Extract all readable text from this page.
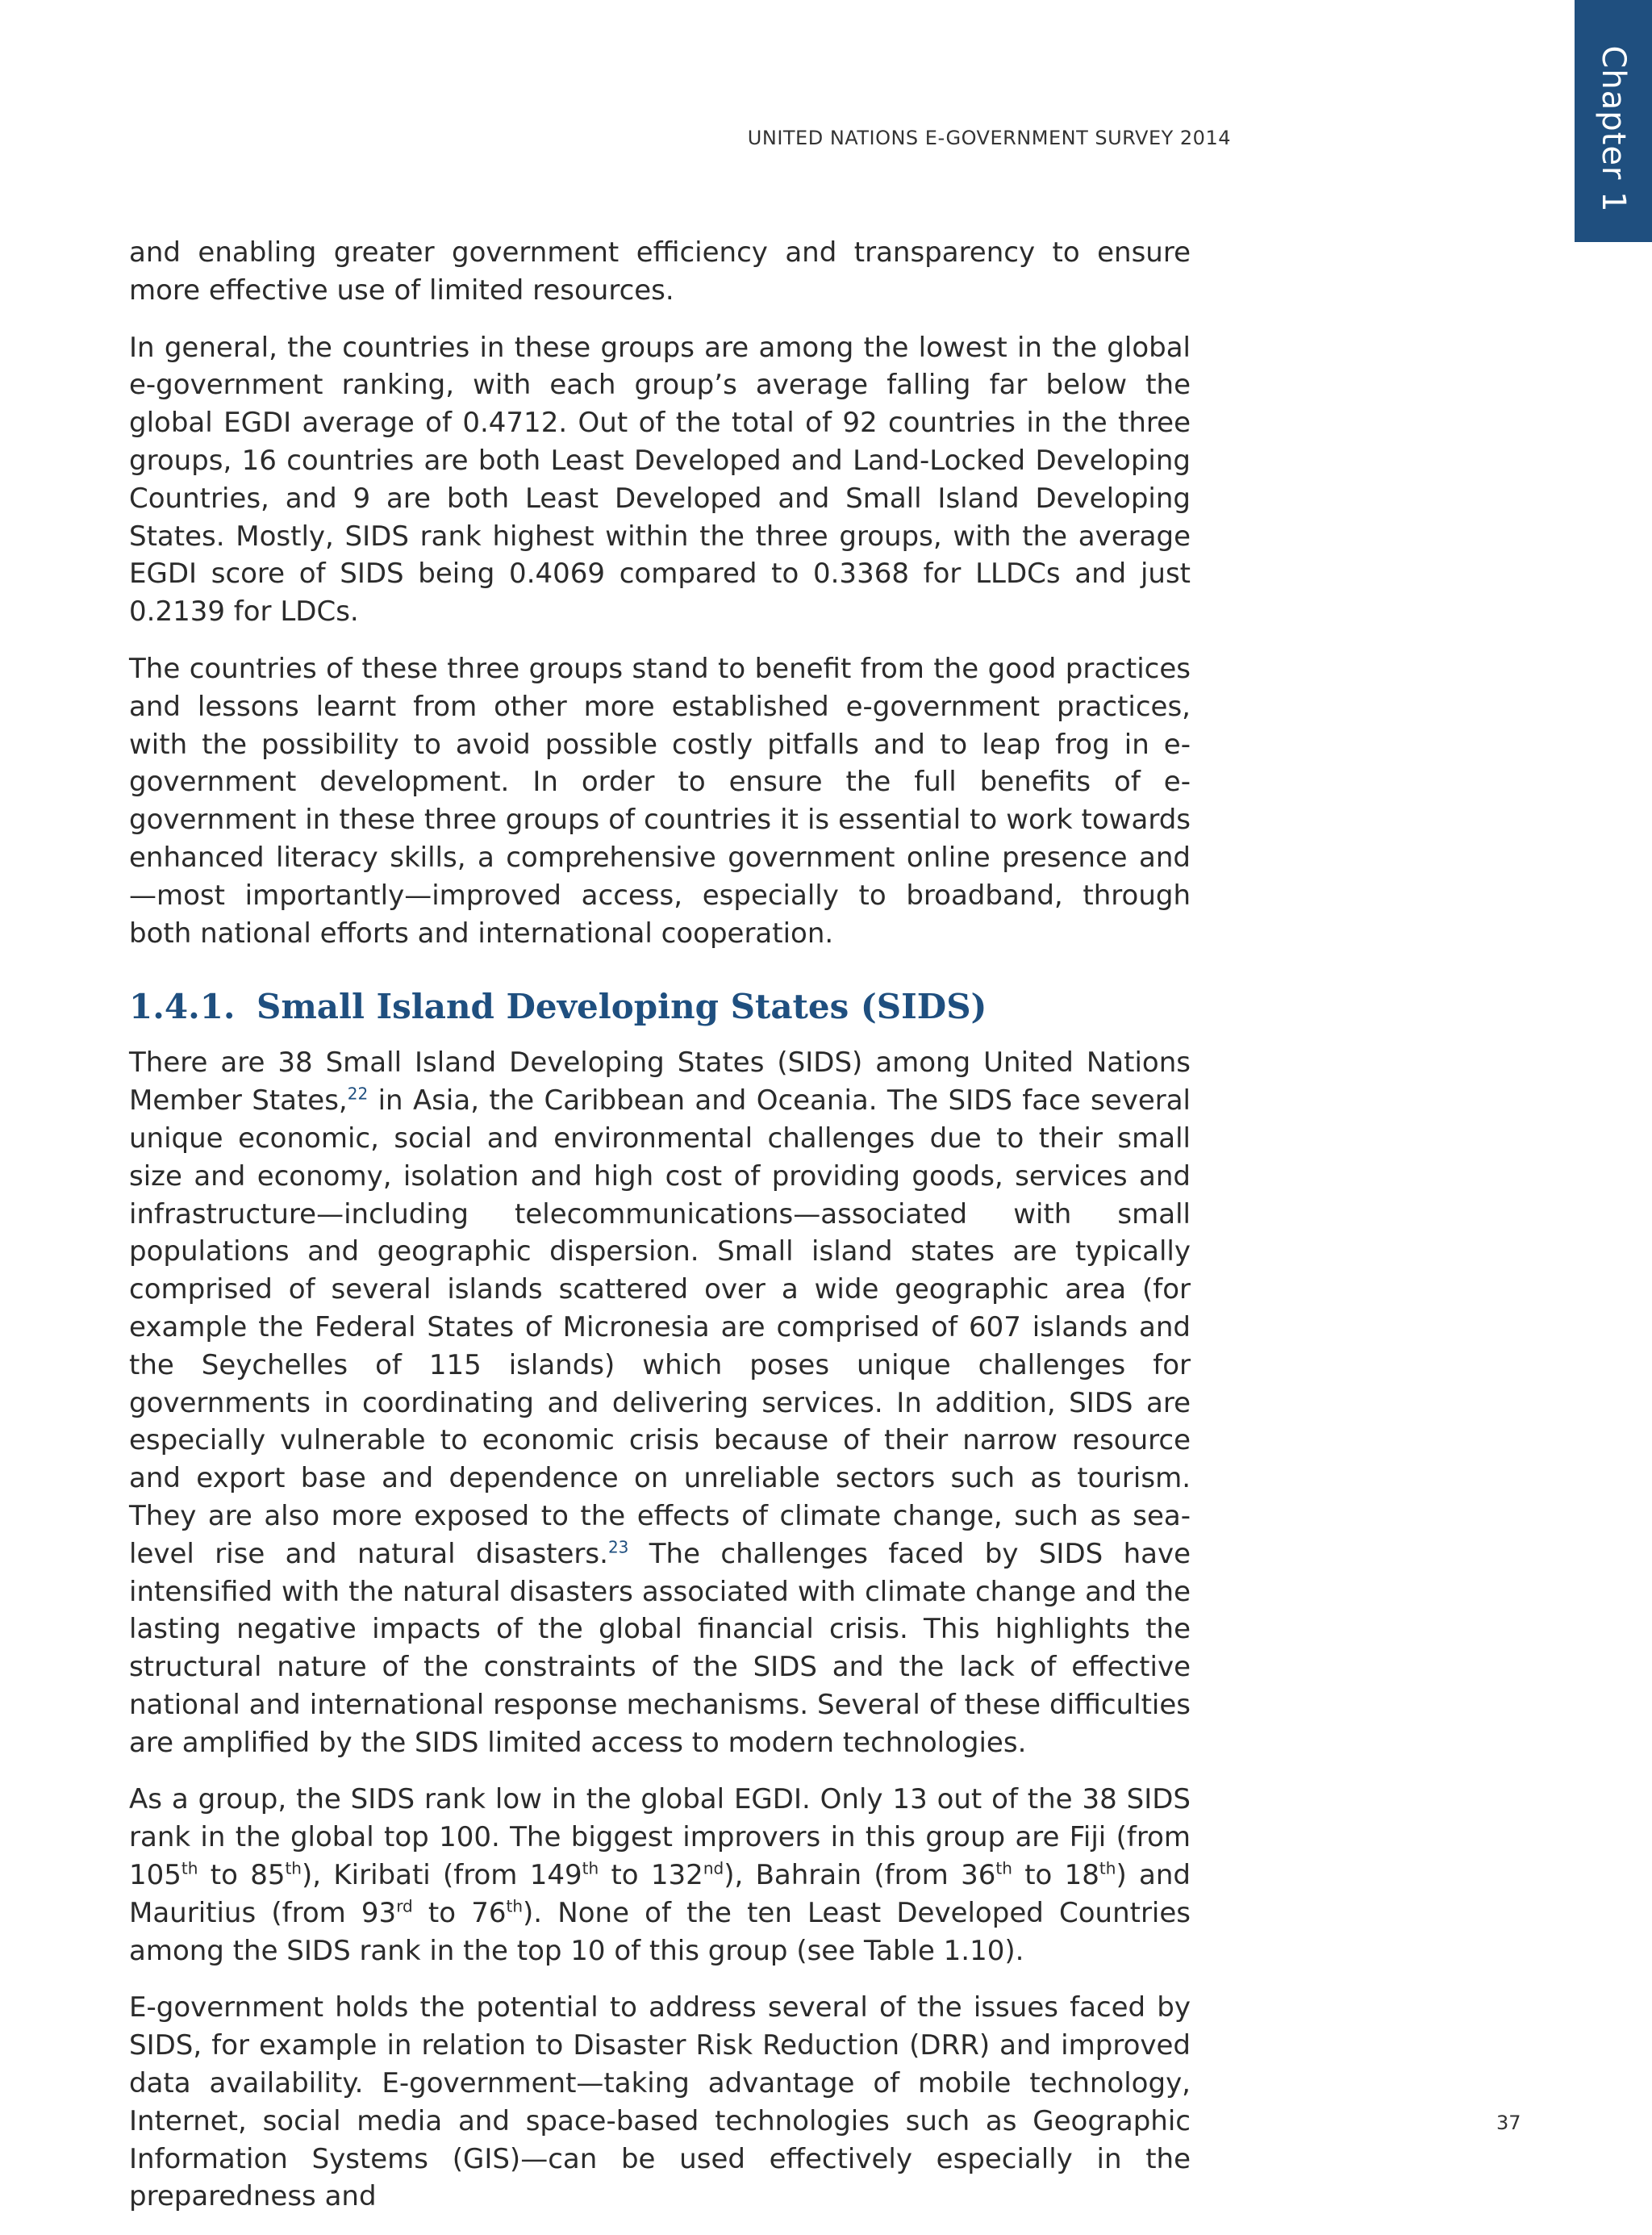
UNITED NATIONS E-GOVERNMENT SURVEY 2014	Chapter 1

and enabling greater government efficiency and transparency to ensure more effective use of limited resources.

In general, the countries in these groups are among the lowest in the global e-government ranking, with each group’s average falling far below the global EGDI average of 0.4712. Out of the total of 92 countries in the three groups, 16 countries are both Least Developed and Land-Locked Developing Countries, and 9 are both Least Developed and Small Island Developing States. Mostly, SIDS rank highest within the three groups, with the average EGDI score of SIDS being 0.4069 compared to 0.3368 for LLDCs and just 0.2139 for LDCs.

The countries of these three groups stand to benefit from the good practices and lessons learnt from other more established e-government practices, with the possibility to avoid possible costly pitfalls and to leap frog in e-government development. In order to ensure the full benefits of e-government in these three groups of countries it is essential to work towards enhanced literacy skills, a comprehensive government online presence and—most importantly—improved access, especially to broadband, through both national efforts and international cooperation.

1.4.1. Small Island Developing States (SIDS)

There are 38 Small Island Developing States (SIDS) among United Nations Member States,$^{22}$ in Asia, the Caribbean and Oceania. The SIDS face several unique economic, social and environmental challenges due to their small size and economy, isolation and high cost of providing goods, services and infrastructure—including telecommunications—associated with small populations and geographic dispersion. Small island states are typically comprised of several islands scattered over a wide geographic area (for example the Federal States of Micronesia are comprised of 607 islands and the Seychelles of 115 islands) which poses unique challenges for governments in coordinating and delivering services. In addition, SIDS are especially vulnerable to economic crisis because of their narrow resource and export base and dependence on unreliable sectors such as tourism. They are also more exposed to the effects of climate change, such as sea-level rise and natural disasters.$^{23}$ The challenges faced by SIDS have intensified with the natural disasters associated with climate change and the lasting negative impacts of the global financial crisis. This highlights the structural nature of the constraints of the SIDS and the lack of effective national and international response mechanisms. Several of these difficulties are amplified by the SIDS limited access to modern technologies.

As a group, the SIDS rank low in the global EGDI. Only 13 out of the 38 SIDS rank in the global top 100. The biggest improvers in this group are Fiji (from 105th to 85th), Kiribati (from 149th to 132nd), Bahrain (from 36th to 18th) and Mauritius (from 93rd to 76th). None of the ten Least Developed Countries among the SIDS rank in the top 10 of this group (see Table 1.10).

E-government holds the potential to address several of the issues faced by SIDS, for example in relation to Disaster Risk Reduction (DRR) and improved data availability. E-government—taking advantage of mobile technology, Internet, social media and space-based technologies such as Geographic Information Systems (GIS)—can be used effectively especially in the preparedness and

37
